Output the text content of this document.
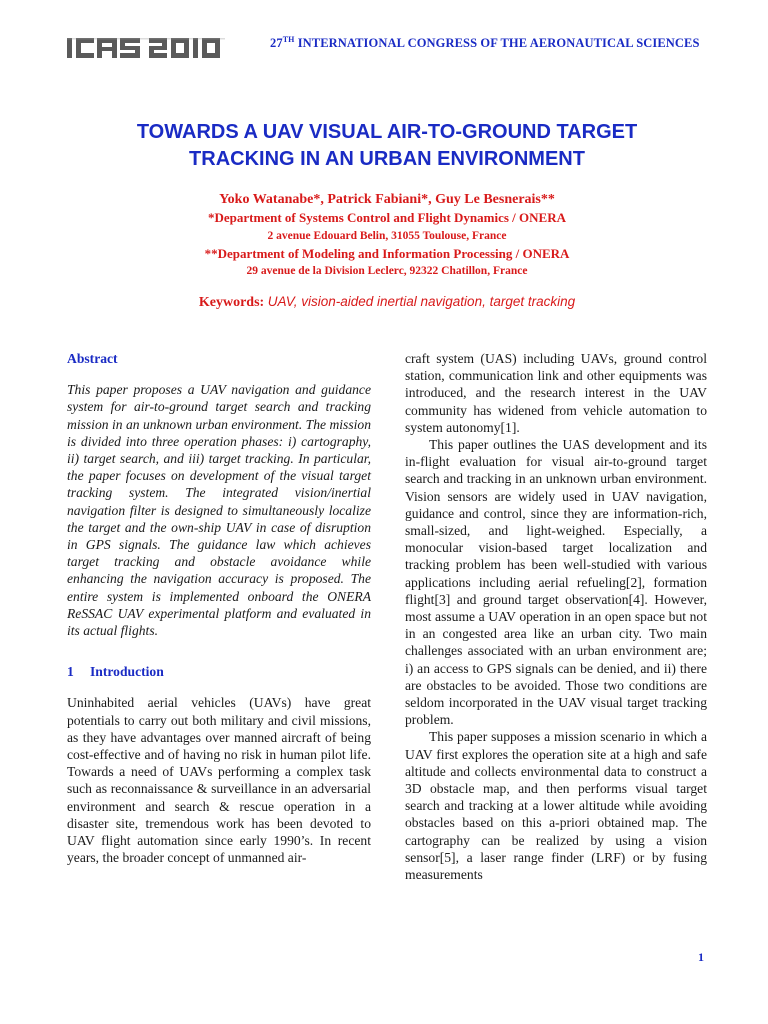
27TH INTERNATIONAL CONGRESS OF THE AERONAUTICAL SCIENCES
TOWARDS A UAV VISUAL AIR-TO-GROUND TARGET
TRACKING IN AN URBAN ENVIRONMENT
Yoko Watanabe*, Patrick Fabiani*, Guy Le Besnerais**
*Department of Systems Control and Flight Dynamics / ONERA
2 avenue Edouard Belin, 31055 Toulouse, France
**Department of Modeling and Information Processing / ONERA
29 avenue de la Division Leclerc, 92322 Chatillon, France
Keywords: UAV, vision-aided inertial navigation, target tracking
Abstract

This paper proposes a UAV navigation and guidance system for air-to-ground target search and tracking mission in an unknown urban environment. The mission is divided into three operation phases: i) cartography, ii) target search, and iii) target tracking. In particular, the paper focuses on development of the visual target tracking system. The integrated vision/inertial navigation filter is designed to simultaneously localize the target and the own-ship UAV in case of disruption in GPS signals. The guidance law which achieves target tracking and obstacle avoidance while enhancing the navigation accuracy is proposed. The entire system is implemented onboard the ONERA ReSSAC UAV experimental platform and evaluated in its actual flights.

1 Introduction

Uninhabited aerial vehicles (UAVs) have great potentials to carry out both military and civil missions, as they have advantages over manned aircraft of being cost-effective and of having no risk in human pilot life. Towards a need of UAVs performing a complex task such as reconnaissance & surveillance in an adversarial environment and search & rescue operation in a disaster site, tremendous work has been devoted to UAV flight automation since early 1990’s. In recent years, the broader concept of unmanned air-

craft system (UAS) including UAVs, ground control station, communication link and other equipments was introduced, and the research interest in the UAV community has widened from vehicle automation to system autonomy[1].

This paper outlines the UAS development and its in-flight evaluation for visual air-to-ground target search and tracking in an unknown urban environment. Vision sensors are widely used in UAV navigation, guidance and control, since they are information-rich, small-sized, and light-weighed. Especially, a monocular vision-based target localization and tracking problem has been well-studied with various applications including aerial refueling[2], formation flight[3] and ground target observation[4]. However, most assume a UAV operation in an open space but not in an congested area like an urban city. Two main challenges associated with an urban environment are; i) an access to GPS signals can be denied, and ii) there are obstacles to be avoided. Those two conditions are seldom incorporated in the UAV visual target tracking problem.

This paper supposes a mission scenario in which a UAV first explores the operation site at a high and safe altitude and collects environmental data to construct a 3D obstacle map, and then performs visual target search and tracking at a lower altitude while avoiding obstacles based on this a-priori obtained map. The cartography can be realized by using a vision sensor[5], a laser range finder (LRF) or by fusing measurements

1
